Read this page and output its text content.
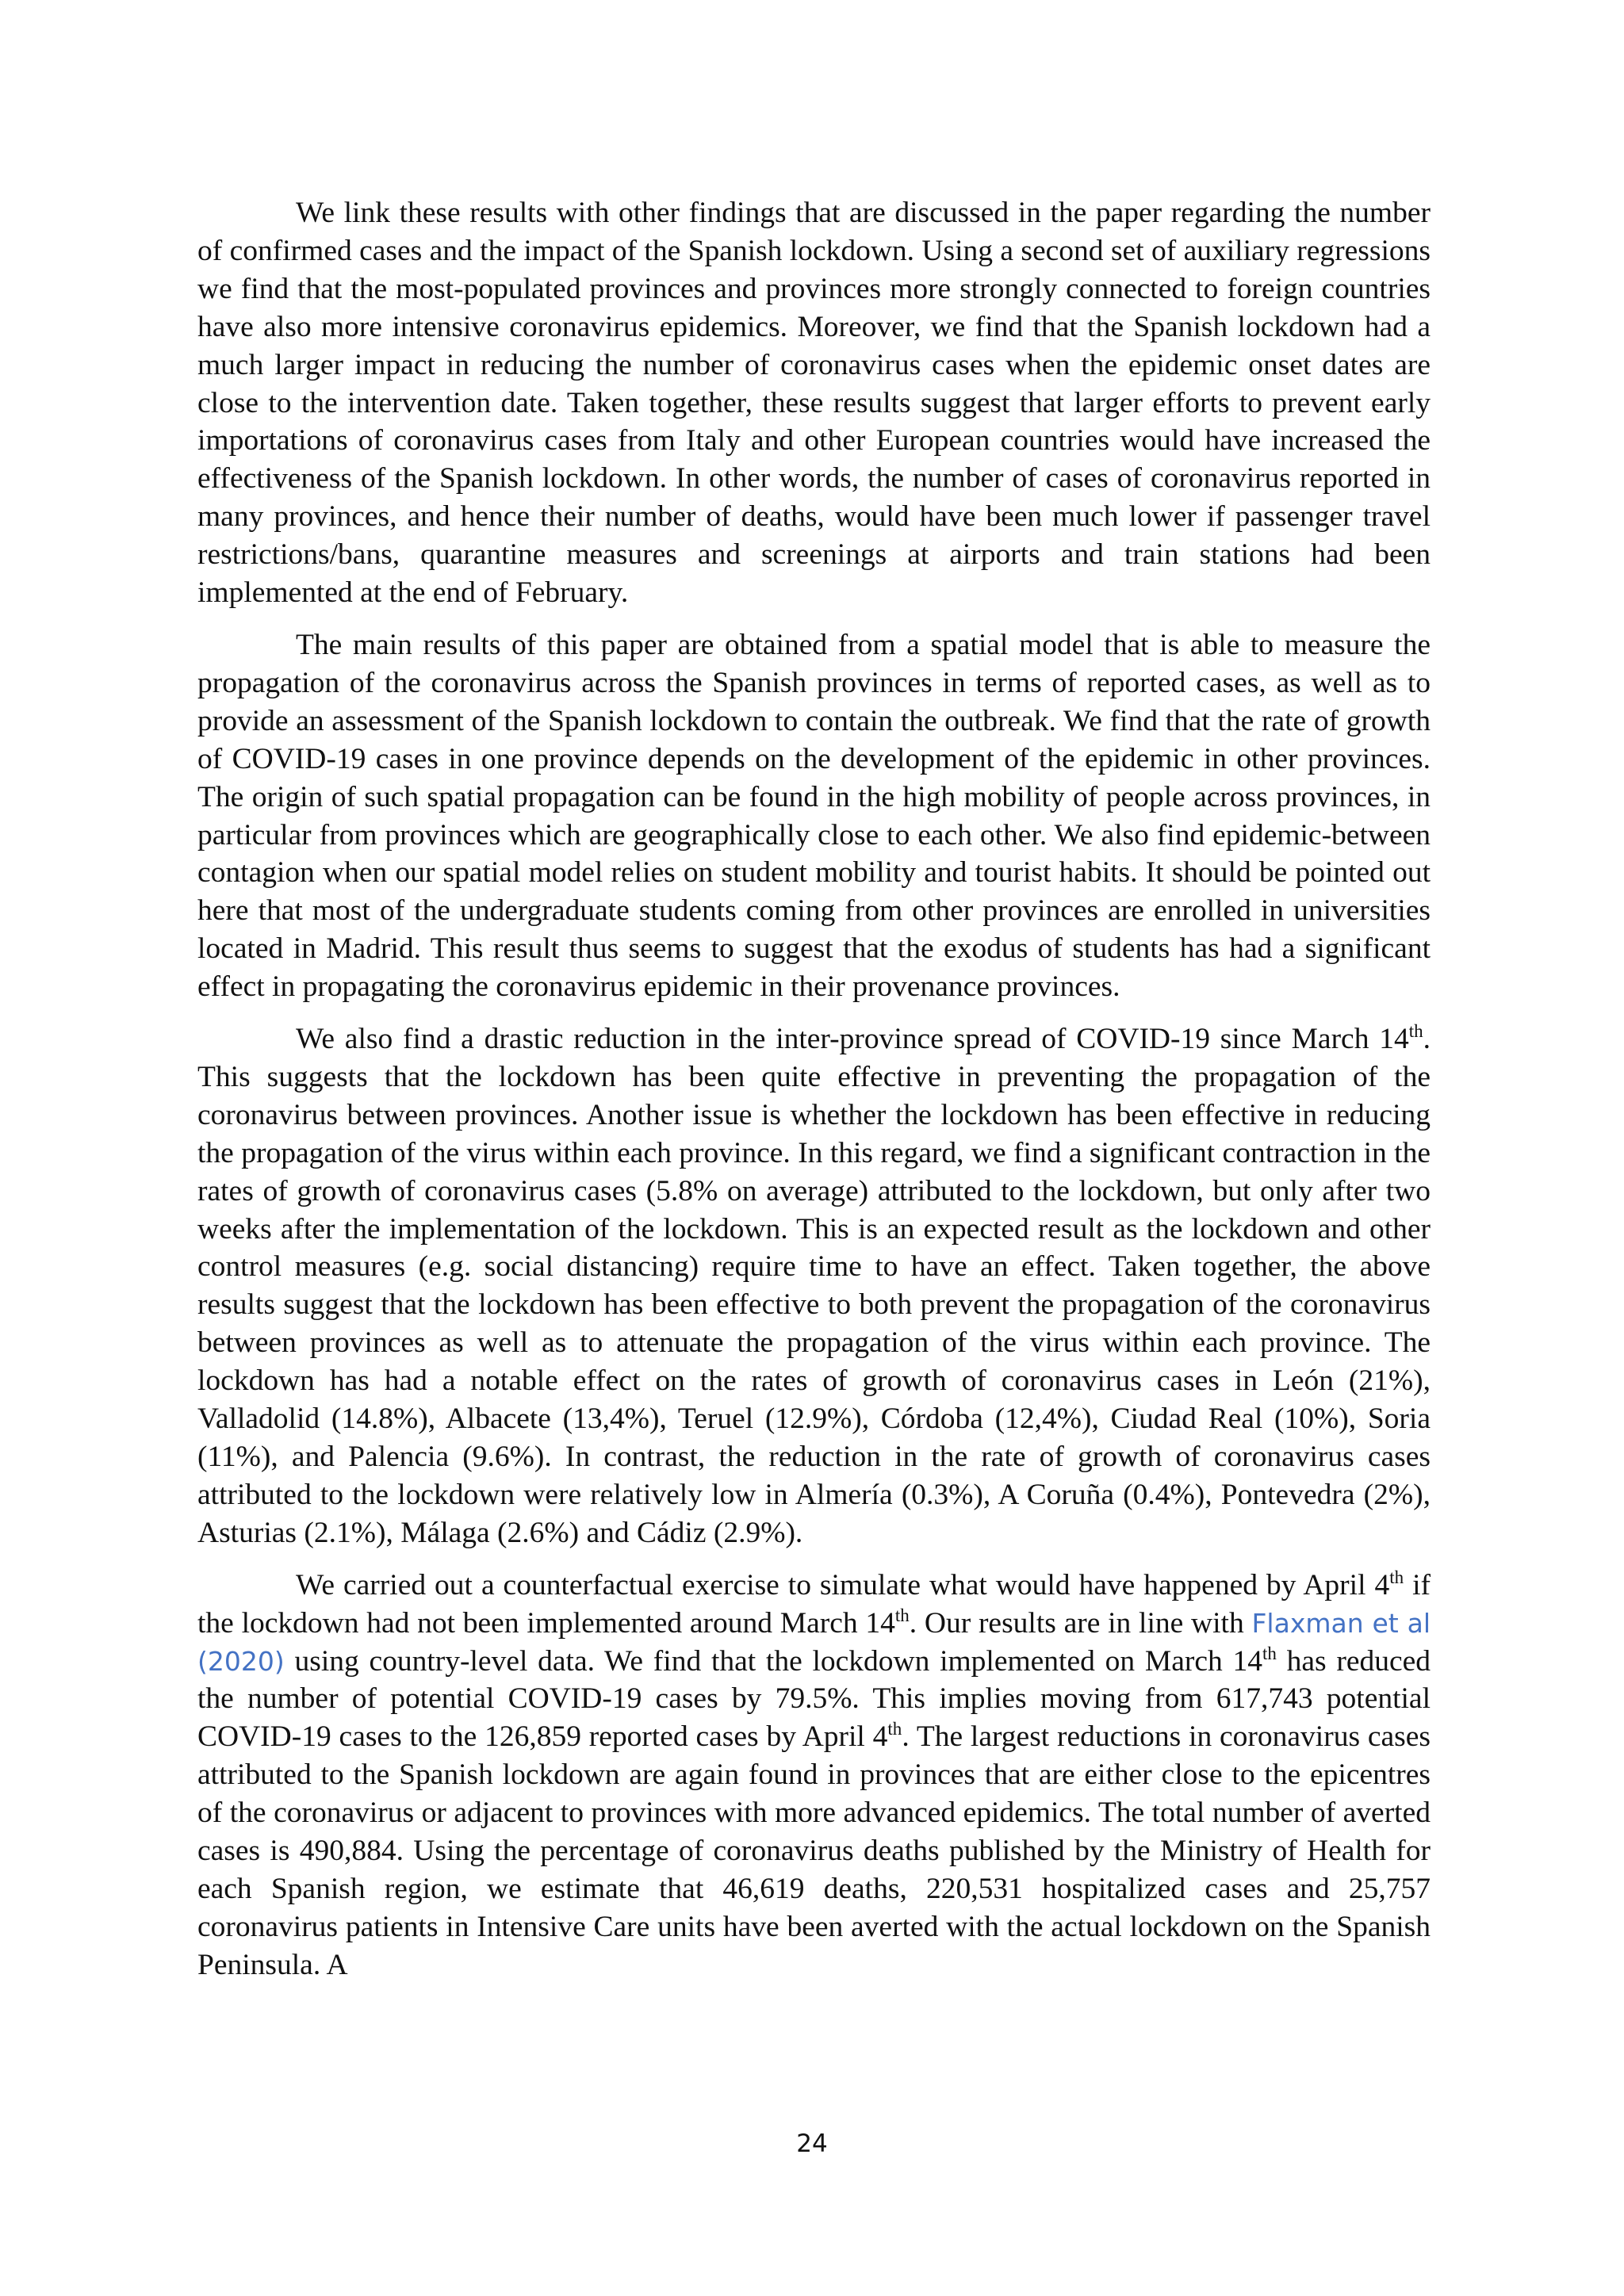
We link these results with other findings that are discussed in the paper regarding the number of confirmed cases and the impact of the Spanish lockdown. Using a second set of auxiliary regressions we find that the most-populated provinces and provinces more strongly connected to foreign countries have also more intensive coronavirus epidemics. Moreover, we find that the Spanish lockdown had a much larger impact in reducing the number of coronavirus cases when the epidemic onset dates are close to the intervention date. Taken together, these results suggest that larger efforts to prevent early importations of coronavirus cases from Italy and other European countries would have increased the effectiveness of the Spanish lockdown. In other words, the number of cases of coronavirus reported in many provinces, and hence their number of deaths, would have been much lower if passenger travel restrictions/bans, quarantine measures and screenings at airports and train stations had been implemented at the end of February.

The main results of this paper are obtained from a spatial model that is able to measure the propagation of the coronavirus across the Spanish provinces in terms of reported cases, as well as to provide an assessment of the Spanish lockdown to contain the outbreak. We find that the rate of growth of COVID-19 cases in one province depends on the development of the epidemic in other provinces. The origin of such spatial propagation can be found in the high mobility of people across provinces, in particular from provinces which are geographically close to each other. We also find epidemic-between contagion when our spatial model relies on student mobility and tourist habits. It should be pointed out here that most of the undergraduate students coming from other provinces are enrolled in universities located in Madrid. This result thus seems to suggest that the exodus of students has had a significant effect in propagating the coronavirus epidemic in their provenance provinces.

We also find a drastic reduction in the inter-province spread of COVID-19 since March 14th. This suggests that the lockdown has been quite effective in preventing the propagation of the coronavirus between provinces. Another issue is whether the lockdown has been effective in reducing the propagation of the virus within each province. In this regard, we find a significant contraction in the rates of growth of coronavirus cases (5.8% on average) attributed to the lockdown, but only after two weeks after the implementation of the lockdown. This is an expected result as the lockdown and other control measures (e.g. social distancing) require time to have an effect. Taken together, the above results suggest that the lockdown has been effective to both prevent the propagation of the coronavirus between provinces as well as to attenuate the propagation of the virus within each province. The lockdown has had a notable effect on the rates of growth of coronavirus cases in León (21%), Valladolid (14.8%), Albacete (13,4%), Teruel (12.9%), Córdoba (12,4%), Ciudad Real (10%), Soria (11%), and Palencia (9.6%). In contrast, the reduction in the rate of growth of coronavirus cases attributed to the lockdown were relatively low in Almería (0.3%), A Coruña (0.4%), Pontevedra (2%), Asturias (2.1%), Málaga (2.6%) and Cádiz (2.9%).

We carried out a counterfactual exercise to simulate what would have happened by April 4th if the lockdown had not been implemented around March 14th. Our results are in line with Flaxman et al (2020) using country-level data. We find that the lockdown implemented on March 14th has reduced the number of potential COVID-19 cases by 79.5%. This implies moving from 617,743 potential COVID-19 cases to the 126,859 reported cases by April 4th. The largest reductions in coronavirus cases attributed to the Spanish lockdown are again found in provinces that are either close to the epicentres of the coronavirus or adjacent to provinces with more advanced epidemics. The total number of averted cases is 490,884. Using the percentage of coronavirus deaths published by the Ministry of Health for each Spanish region, we estimate that 46,619 deaths, 220,531 hospitalized cases and 25,757 coronavirus patients in Intensive Care units have been averted with the actual lockdown on the Spanish Peninsula. A

24
